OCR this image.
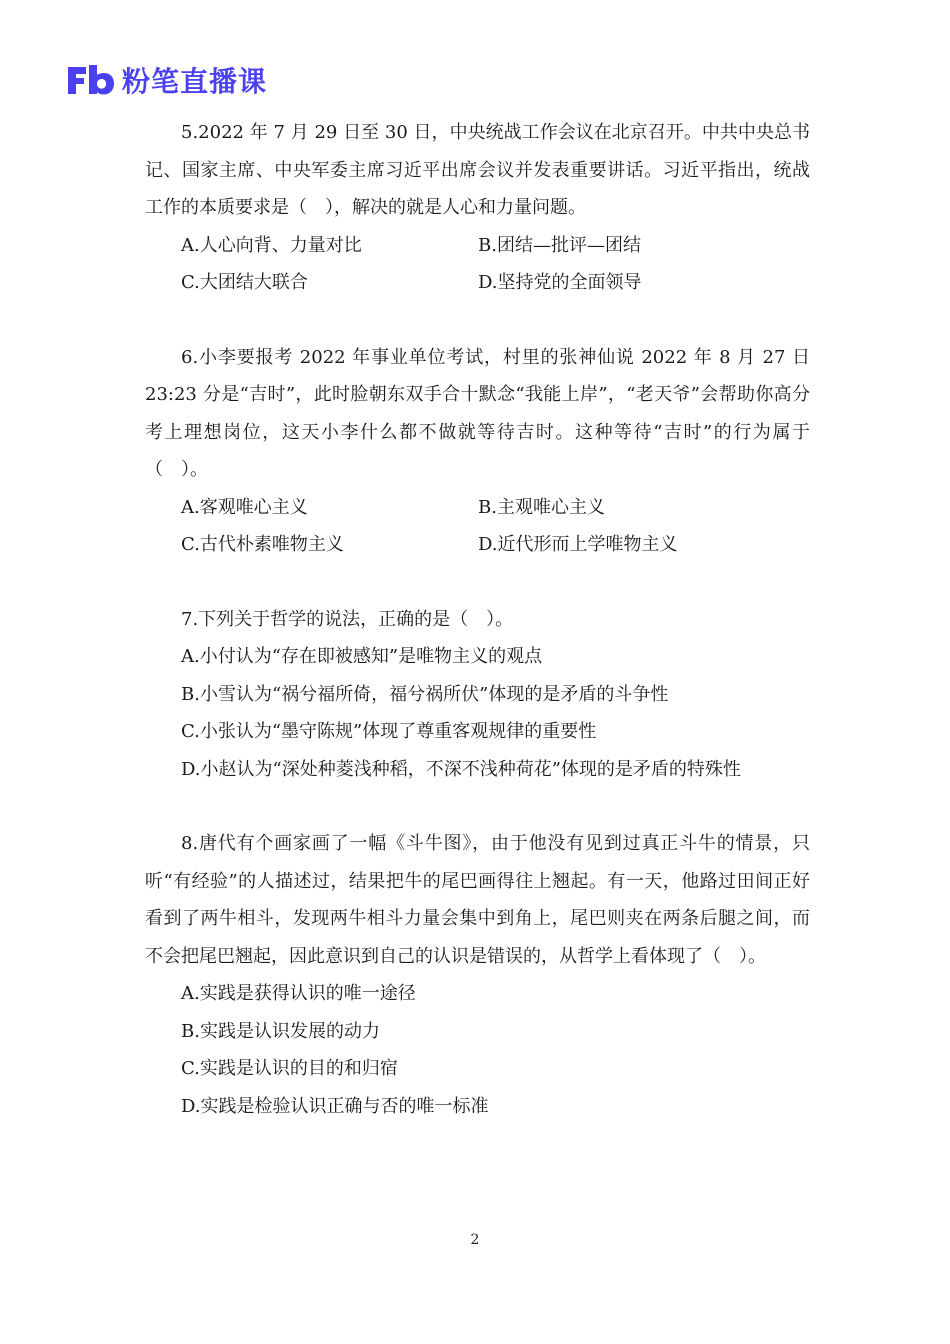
粉笔直播课

5.2022 年 7 月 29 日至 30 日，中央统战工作会议在北京召开。中共中央总书记、国家主席、中央军委主席习近平出席会议并发表重要讲话。习近平指出，统战工作的本质要求是（　），解决的就是人心和力量问题。

A.人心向背、力量对比	B.团结—批评—团结
C.大团结大联合	D.坚持党的全面领导

6.小李要报考 2022 年事业单位考试，村里的张神仙说 2022 年 8 月 27 日 23:23 分是“吉时”，此时脸朝东双手合十默念“我能上岸”，“老天爷”会帮助你高分考上理想岗位，这天小李什么都不做就等待吉时。这种等待“吉时”的行为属于（　）。

A.客观唯心主义	B.主观唯心主义
C.古代朴素唯物主义	D.近代形而上学唯物主义

7.下列关于哲学的说法，正确的是（　）。

A.小付认为“存在即被感知”是唯物主义的观点
B.小雪认为“祸兮福所倚，福兮祸所伏”体现的是矛盾的斗争性
C.小张认为“墨守陈规”体现了尊重客观规律的重要性
D.小赵认为“深处种菱浅种稻，不深不浅种荷花”体现的是矛盾的特殊性

8.唐代有个画家画了一幅《斗牛图》，由于他没有见到过真正斗牛的情景，只听“有经验”的人描述过，结果把牛的尾巴画得往上翘起。有一天，他路过田间正好看到了两牛相斗，发现两牛相斗力量会集中到角上，尾巴则夹在两条后腿之间，而不会把尾巴翘起，因此意识到自己的认识是错误的，从哲学上看体现了（　）。

A.实践是获得认识的唯一途径
B.实践是认识发展的动力
C.实践是认识的目的和归宿
D.实践是检验认识正确与否的唯一标准
2
